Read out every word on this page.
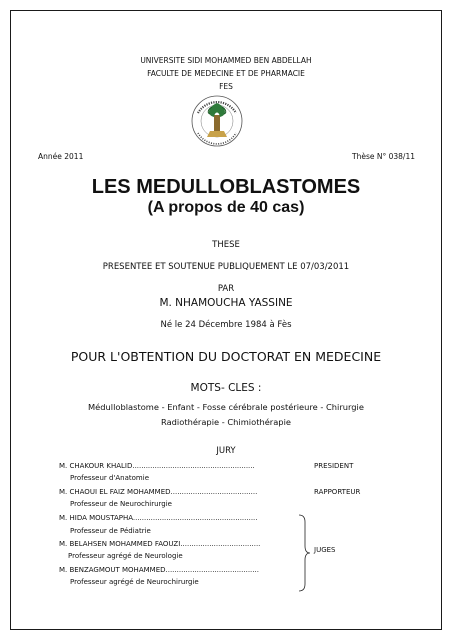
UNIVERSITE SIDI MOHAMMED BEN ABDELLAH
FACULTE DE MEDECINE ET DE PHARMACIE
FES
Année 2011	Thèse N° 038/11
LES MEDULLOBLASTOMES
(A propos de 40 cas)
THESE
PRESENTEE ET SOUTENUE PUBLIQUEMENT LE 07/03/2011
PAR
M. NHAMOUCHA YASSINE
Né le 24 Décembre 1984 à Fès
POUR L'OBTENTION DU DOCTORAT EN MEDECINE
MOTS- CLES :
Médulloblastome - Enfant - Fosse cérébrale postérieure - Chirurgie
Radiothérapie - Chimiothérapie
JURY
M. CHAKOUR KHALID.......................................................
Professeur d'Anatomie
M. CHAOUI EL FAIZ MOHAMMED.......................................
Professeur de Neurochirurgie
M. HIDA MOUSTAPHA........................................................
Professeur de Pédiatrie
M. BELAHSEN MOHAMMED FAOUZI....................................
Professeur agrégé de Neurologie
M. BENZAGMOUT MOHAMMED..........................................
Professeur agrégé de Neurochirurgie
PRESIDENT
RAPPORTEUR
JUGES
